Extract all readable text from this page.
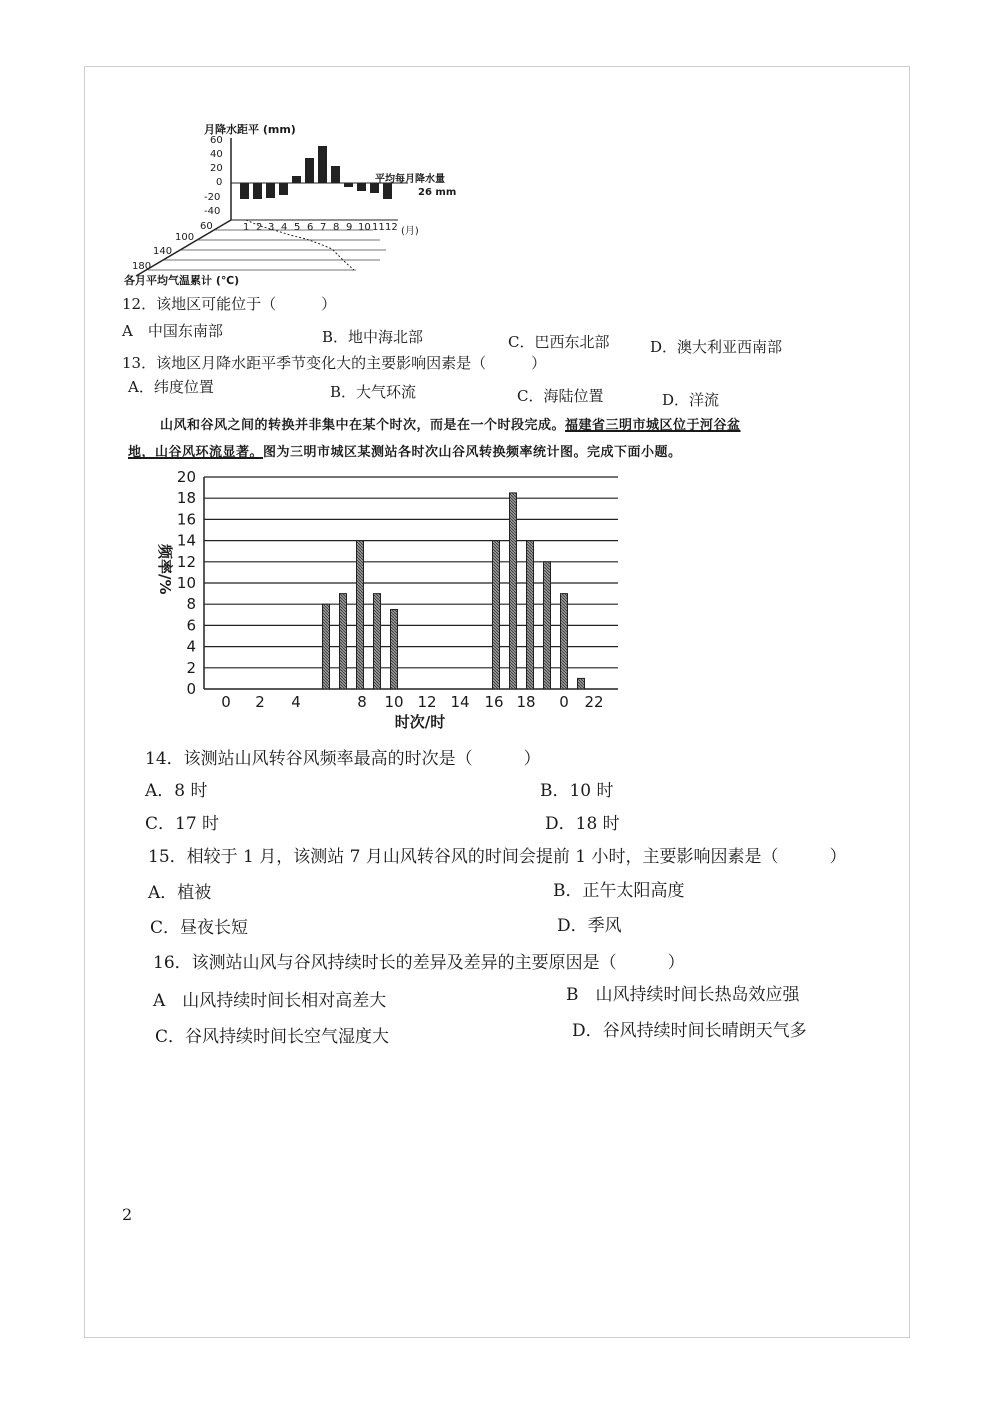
月降水距平 (mm)
60
40
20
0
-20
-40
平均每月降水量
26 mm
1 2 3 4 5 6 7 8 9 10 11 12 (月)
60
100
140
180
各月平均气温累计 (℃)
12．该地区可能位于（　　　）
A　中国东南部	B．地中海北部	C．巴西东北部	D．澳大利亚西南部
13．该地区月降水距平季节变化大的主要影响因素是（　　　）
A．纬度位置	B．大气环流	C．海陆位置	D．洋流
山风和谷风之间的转换并非集中在某个时次，而是在一个时段完成。福建省三明市城区位于河谷盆
地，山谷风环流显著。图为三明市城区某测站各时次山谷风转换频率统计图。完成下面小题。
20
18
16
14
12
10
8
6
4
2
0
频率/%
0 2 4	8 10 12 14 16 18 0 22
时次/时
14．该测站山风转谷风频率最高的时次是（　　　）
A．8 时	B．10 时
C．17 时	D．18 时
15．相较于 1 月，该测站 7 月山风转谷风的时间会提前 1 小时，主要影响因素是（　　　）
A．植被	B．正午太阳高度
C．昼夜长短	D．季风
16．该测站山风与谷风持续时长的差异及差异的主要原因是（　　　）
A　山风持续时间长相对高差大	B　山风持续时间长热岛效应强
C．谷风持续时间长空气湿度大	D．谷风持续时间长晴朗天气多
2
